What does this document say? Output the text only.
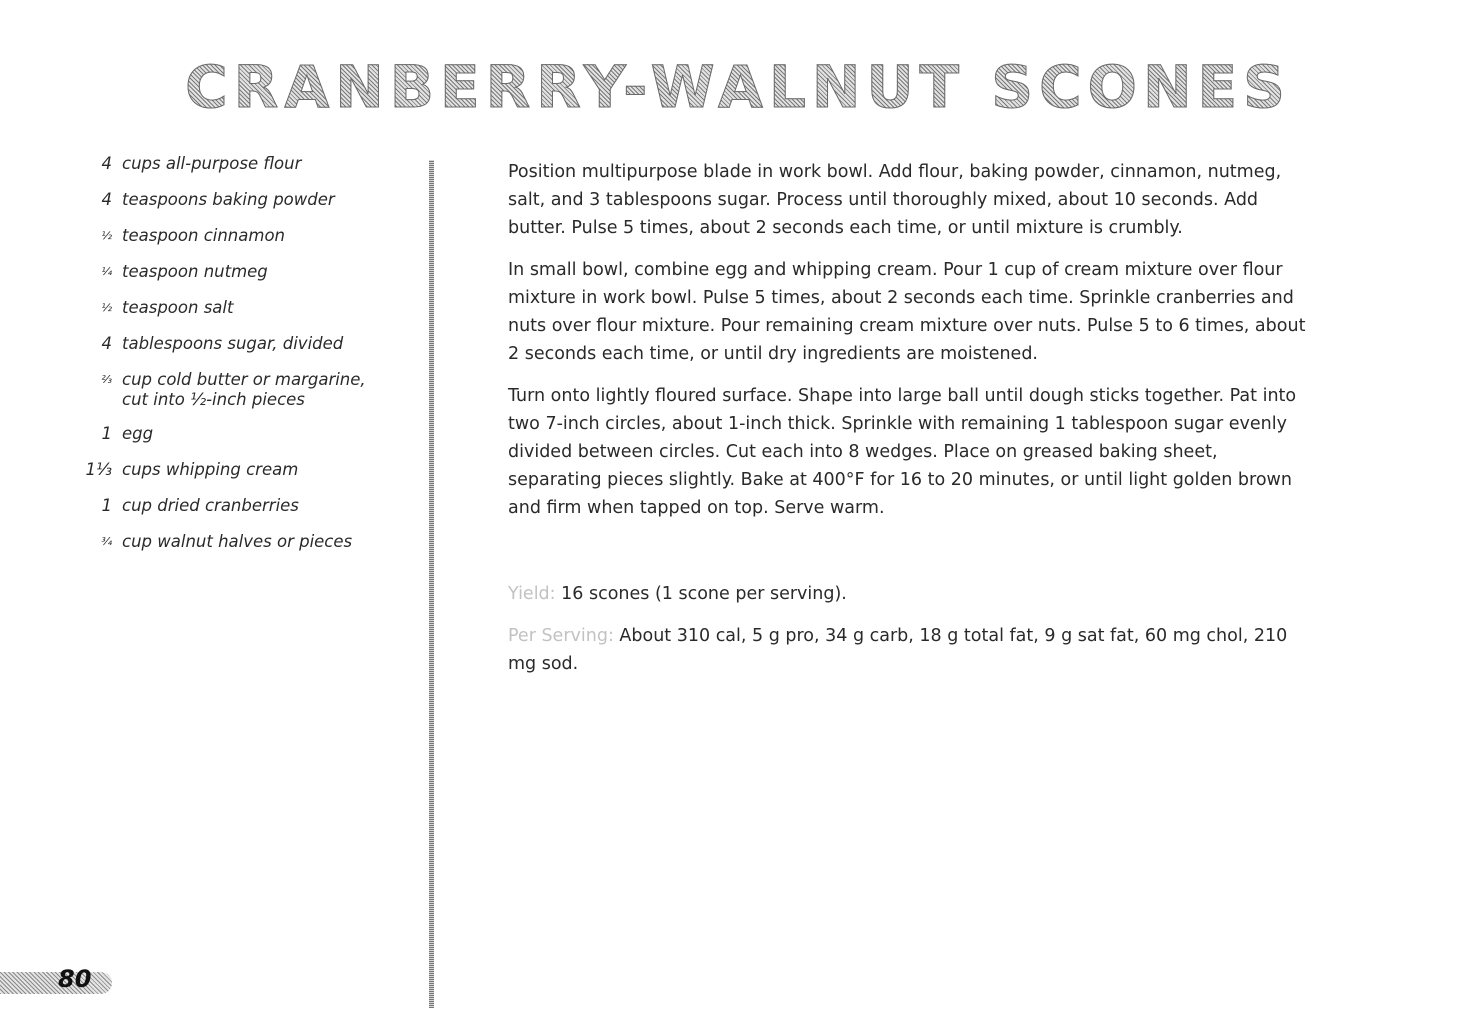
CRANBERRY-WALNUT SCONES
4 cups all-purpose flour
4 teaspoons baking powder
½ teaspoon cinnamon
¼ teaspoon nutmeg
½ teaspoon salt
4 tablespoons sugar, divided
⅔ cup cold butter or margarine,
cut into ½-inch pieces
1 egg
1⅓ cups whipping cream
1 cup dried cranberries
¾ cup walnut halves or pieces

Position multipurpose blade in work bowl. Add flour, baking powder, cinnamon, nutmeg, salt, and 3 tablespoons sugar. Process until thoroughly mixed, about 10 seconds. Add butter. Pulse 5 times, about 2 seconds each time, or until mixture is crumbly.

In small bowl, combine egg and whipping cream. Pour 1 cup of cream mixture over flour mixture in work bowl. Pulse 5 times, about 2 seconds each time. Sprinkle cranberries and nuts over flour mixture. Pour remaining cream mixture over nuts. Pulse 5 to 6 times, about 2 seconds each time, or until dry ingredients are moistened.

Turn onto lightly floured surface. Shape into large ball until dough sticks together. Pat into two 7-inch circles, about 1-inch thick. Sprinkle with remaining 1 tablespoon sugar evenly divided between circles. Cut each into 8 wedges. Place on greased baking sheet, separating pieces slightly. Bake at 400°F for 16 to 20 minutes, or until light golden brown and firm when tapped on top. Serve warm.

Yield: 16 scones (1 scone per serving).

Per Serving: About 310 cal, 5 g pro, 34 g carb, 18 g total fat, 9 g sat fat, 60 mg chol, 210 mg sod.

80
